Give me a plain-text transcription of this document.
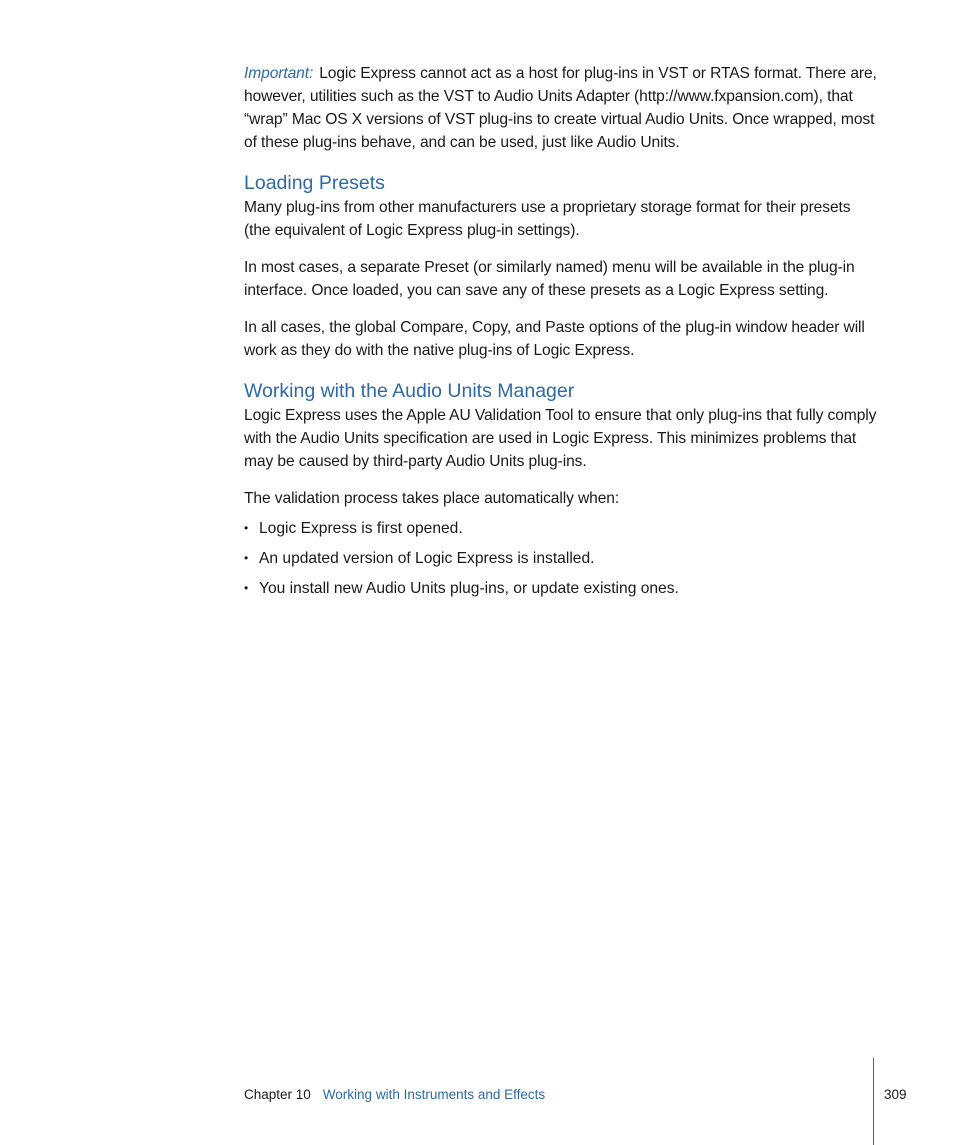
Important: Logic Express cannot act as a host for plug-ins in VST or RTAS format. There are, however, utilities such as the VST to Audio Units Adapter (http://www.fxpansion.com), that “wrap” Mac OS X versions of VST plug-ins to create virtual Audio Units. Once wrapped, most of these plug-ins behave, and can be used, just like Audio Units.

Loading Presets

Many plug-ins from other manufacturers use a proprietary storage format for their presets (the equivalent of Logic Express plug-in settings).

In most cases, a separate Preset (or similarly named) menu will be available in the plug-in interface. Once loaded, you can save any of these presets as a Logic Express setting.

In all cases, the global Compare, Copy, and Paste options of the plug-in window header will work as they do with the native plug-ins of Logic Express.

Working with the Audio Units Manager

Logic Express uses the Apple AU Validation Tool to ensure that only plug-ins that fully comply with the Audio Units specification are used in Logic Express. This minimizes problems that may be caused by third-party Audio Units plug-ins.

The validation process takes place automatically when:

• Logic Express is first opened.
• An updated version of Logic Express is installed.
• You install new Audio Units plug-ins, or update existing ones.
Chapter 10 Working with Instruments and Effects	309
